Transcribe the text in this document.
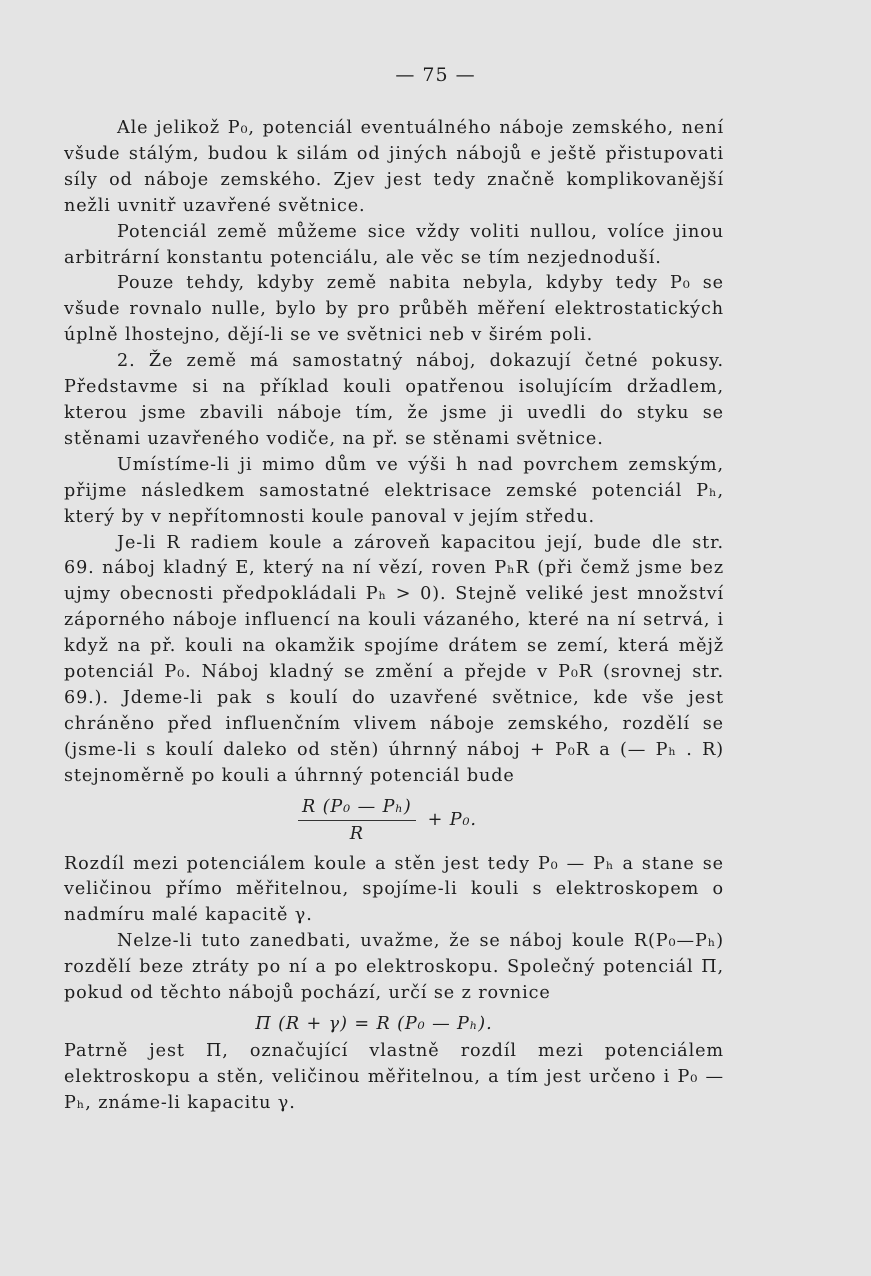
— 75 —

Ale jelikož P₀, potenciál eventuálného náboje zemského, není všude stálým, budou k silám od jiných nábojů e ještě přistupovati síly od náboje zemského. Zjev jest tedy značně komplikovanější nežli uvnitř uzavřené světnice.

Potenciál země můžeme sice vždy voliti nullou, volíce jinou arbitrární konstantu potenciálu, ale věc se tím nezjednoduší.

Pouze tehdy, kdyby země nabita nebyla, kdyby tedy P₀ se všude rovnalo nulle, bylo by pro průběh měření elektrostatických úplně lhostejno, dějí-li se ve světnici neb v širém poli.

2. Že země má samostatný náboj, dokazují četné pokusy. Představme si na příklad kouli opatřenou isolujícím držadlem, kterou jsme zbavili náboje tím, že jsme ji uvedli do styku se stěnami uzavřeného vodiče, na př. se stěnami světnice.

Umístíme-li ji mimo dům ve výši h nad povrchem zemským, přijme následkem samostatné elektrisace zemské potenciál Pₕ, který by v nepřítomnosti koule panoval v jejím středu.

Je-li R radiem koule a zároveň kapacitou její, bude dle str. 69. náboj kladný E, který na ní vězí, roven PₕR (při čemž jsme bez ujmy obecnosti předpokládali Pₕ > 0). Stejně veliké jest množství záporného náboje influencí na kouli vázaného, které na ní setrvá, i když na př. kouli na okamžik spojíme drátem se zemí, která mějž potenciál P₀. Náboj kladný se změní a přejde v P₀R (srovnej str. 69.). Jdeme-li pak s koulí do uzavřené světnice, kde vše jest chráněno před influenčním vlivem náboje zemského, rozdělí se (jsme-li s koulí daleko od stěn) úhrnný náboj + P₀R a (— Pₕ . R) stejnoměrně po kouli a úhrnný potenciál bude

$\frac{\text{R (P₀ — Pₕ)}}{R} + P_0$.

Rozdíl mezi potenciálem koule a stěn jest tedy P₀ — Pₕ a stane se veličinou přímo měřitelnou, spojíme-li kouli s elektroskopem o nadmíru malé kapacitě γ.

Nelze-li tuto zanedbati, uvažme, že se náboj koule R(P₀—Pₕ) rozdělí beze ztráty po ní a po elektroskopu. Společný potenciál Π, pokud od těchto nábojů pochází, určí se z rovnice

Π (R + γ) = R (P₀ — Pₕ).

Patrně jest Π, označující vlastně rozdíl mezi potenciálem elektroskopu a stěn, veličinou měřitelnou, a tím jest určeno i P₀ — Pₕ, známe-li kapacitu γ.
